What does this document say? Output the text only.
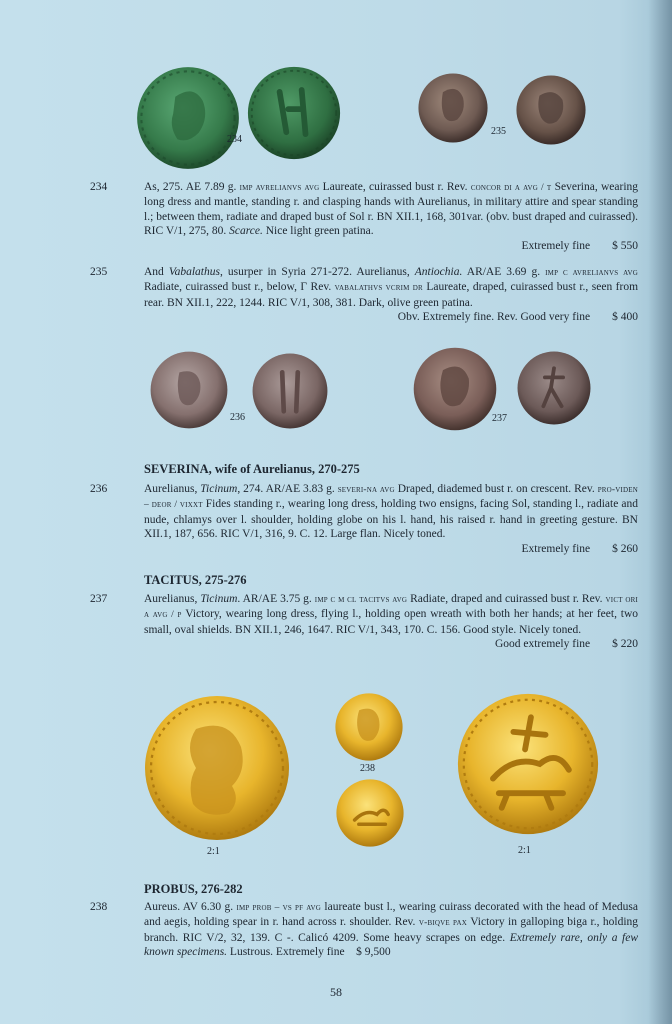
234
235
234	As, 275. AE 7.89 g. imp avrelianvs avg Laureate, cuirassed bust r. Rev. concor di a avg / t Severina, wearing long dress and mantle, standing r. and clasping hands with Aurelianus, in military attire and spear standing l.; between them, radiate and draped bust of Sol r. BN XII.1, 168, 301var. (obv. bust draped and cuirassed). RIC V/1, 275, 80. Scarce. Nice light green patina.
Extremely fine $ 550
235	And Vabalathus, usurper in Syria 271-272. Aurelianus, Antiochia. AR/AE 3.69 g. imp c avrelianvs avg Radiate, cuirassed bust r., below, Γ Rev. vabalathvs vcrim dr Laureate, draped, cuirassed bust r., seen from rear. BN XII.1, 222, 1244. RIC V/1, 308, 381. Dark, olive green patina.
Obv. Extremely fine. Rev. Good very fine $ 400
236	237
SEVERINA, wife of Aurelianus, 270-275
236	Aurelianus, Ticinum, 274. AR/AE 3.83 g. severi-na avg Draped, diademed bust r. on crescent. Rev. pro-viden – deor / vixxt Fides standing r., wearing long dress, holding two ensigns, facing Sol, standing l., radiate and nude, chlamys over l. shoulder, holding globe on his l. hand, his raised r. hand in greeting gesture. BN XII.1, 187, 656. RIC V/1, 316, 9. C. 12. Large flan. Nicely toned.
Extremely fine $ 260
TACITUS, 275-276
237	Aurelianus, Ticinum. AR/AE 3.75 g. imp c m cl tacitvs avg Radiate, draped and cuirassed bust r. Rev. vict ori a avg / p Victory, wearing long dress, flying l., holding open wreath with both her hands; at her feet, two small, oval shields. BN XII.1, 246, 1647. RIC V/1, 343, 170. C. 156. Good style. Nicely toned.
Good extremely fine $ 220
238
2:1	2:1
PROBUS, 276-282
238	Aureus. AV 6.30 g. imp prob – vs pf avg laureate bust l., wearing cuirass decorated with the head of Medusa and aegis, holding spear in r. hand across r. shoulder. Rev. v-biqve pax Victory in galloping biga r., holding branch. RIC V/2, 32, 139. C -. Calicó 4209. Some heavy scrapes on edge. Extremely rare, only a few known specimens. Lustrous. Extremely fine $ 9,500
58
